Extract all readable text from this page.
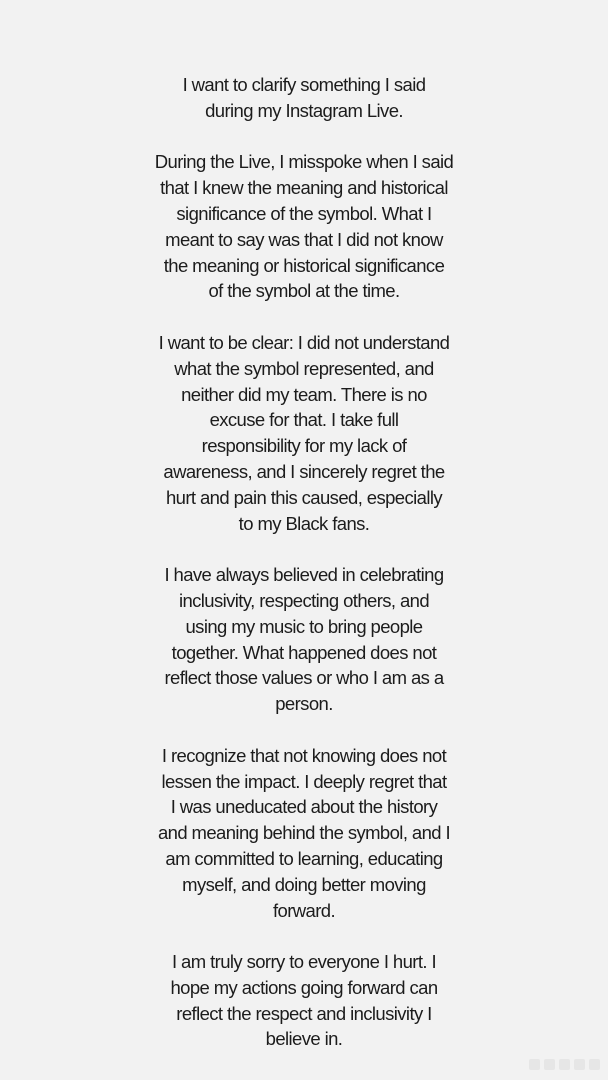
I want to clarify something I said
during my Instagram Live.

During the Live, I misspoke when I said
that I knew the meaning and historical
significance of the symbol. What I
meant to say was that I did not know
the meaning or historical significance
of the symbol at the time.

I want to be clear: I did not understand
what the symbol represented, and
neither did my team. There is no
excuse for that. I take full
responsibility for my lack of
awareness, and I sincerely regret the
hurt and pain this caused, especially
to my Black fans.

I have always believed in celebrating
inclusivity, respecting others, and
using my music to bring people
together. What happened does not
reflect those values or who I am as a
person.

I recognize that not knowing does not
lessen the impact. I deeply regret that
I was uneducated about the history
and meaning behind the symbol, and I
am committed to learning, educating
myself, and doing better moving
forward.

I am truly sorry to everyone I hurt. I
hope my actions going forward can
reflect the respect and inclusivity I
believe in.
